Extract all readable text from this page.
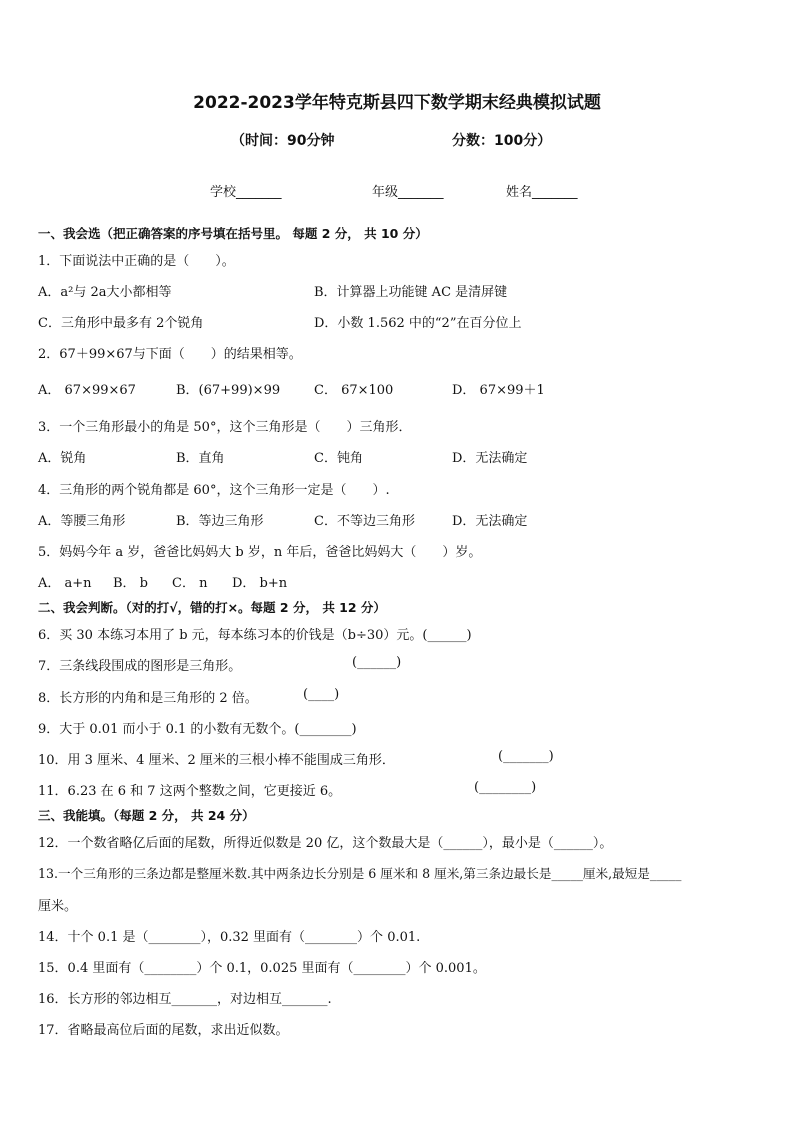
2022-2023学年特克斯县四下数学期末经典模拟试题
（时间：90分钟	分数：100分）
学校_______	年级_______	姓名_______
一、我会选（把正确答案的序号填在括号里。 每题 2 分， 共 10 分）
1．下面说法中正确的是（　　）。
A．a²与 2a大小都相等	B．计算器上功能键 AC 是清屏键
C．三角形中最多有 2个锐角	D．小数 1.562 中的“2”在百分位上
2．67＋99×67与下面（　　）的结果相等。
A． 67×99×67	B．(67+99)×99	C． 67×100	D． 67×99＋1
3．一个三角形最小的角是 50°，这个三角形是（　　）三角形．
A．锐角	B．直角	C．钝角	D．无法确定
4．三角形的两个锐角都是 60°，这个三角形一定是（　　）.
A．等腰三角形	B．等边三角形	C．不等边三角形	D．无法确定
5．妈妈今年 a 岁，爸爸比妈妈大 b 岁，n 年后，爸爸比妈妈大（　　）岁。
A． a+n B． b C． n D． b+n
二、我会判断。（对的打√，错的打×。每题 2 分， 共 12 分）
6．买 30 本练习本用了 b 元，每本练习本的价钱是（b÷30）元。(______)
7．三条线段围成的图形是三角形。	(______)
8．长方形的内角和是三角形的 2 倍。	(____)
9．大于 0.01 而小于 0.1 的小数有无数个。(________)
10．用 3 厘米、4 厘米、2 厘米的三根小棒不能围成三角形．	(_______)
11．6.23 在 6 和 7 这两个整数之间，它更接近 6。	(________)
三、我能填。（每题 2 分， 共 24 分）
12．一个数省略亿后面的尾数，所得近似数是 20 亿，这个数最大是（______），最小是（______）。
13.一个三角形的三条边都是整厘米数.其中两条边长分别是 6 厘米和 8 厘米,第三条边最长是_____厘米,最短是_____
厘米。
14．十个 0.1 是（________），0.32 里面有（________）个 0.01.
15．0.4 里面有（________）个 0.1，0.025 里面有（________）个 0.001。
16．长方形的邻边相互_______，对边相互_______.
17．省略最高位后面的尾数，求出近似数。
